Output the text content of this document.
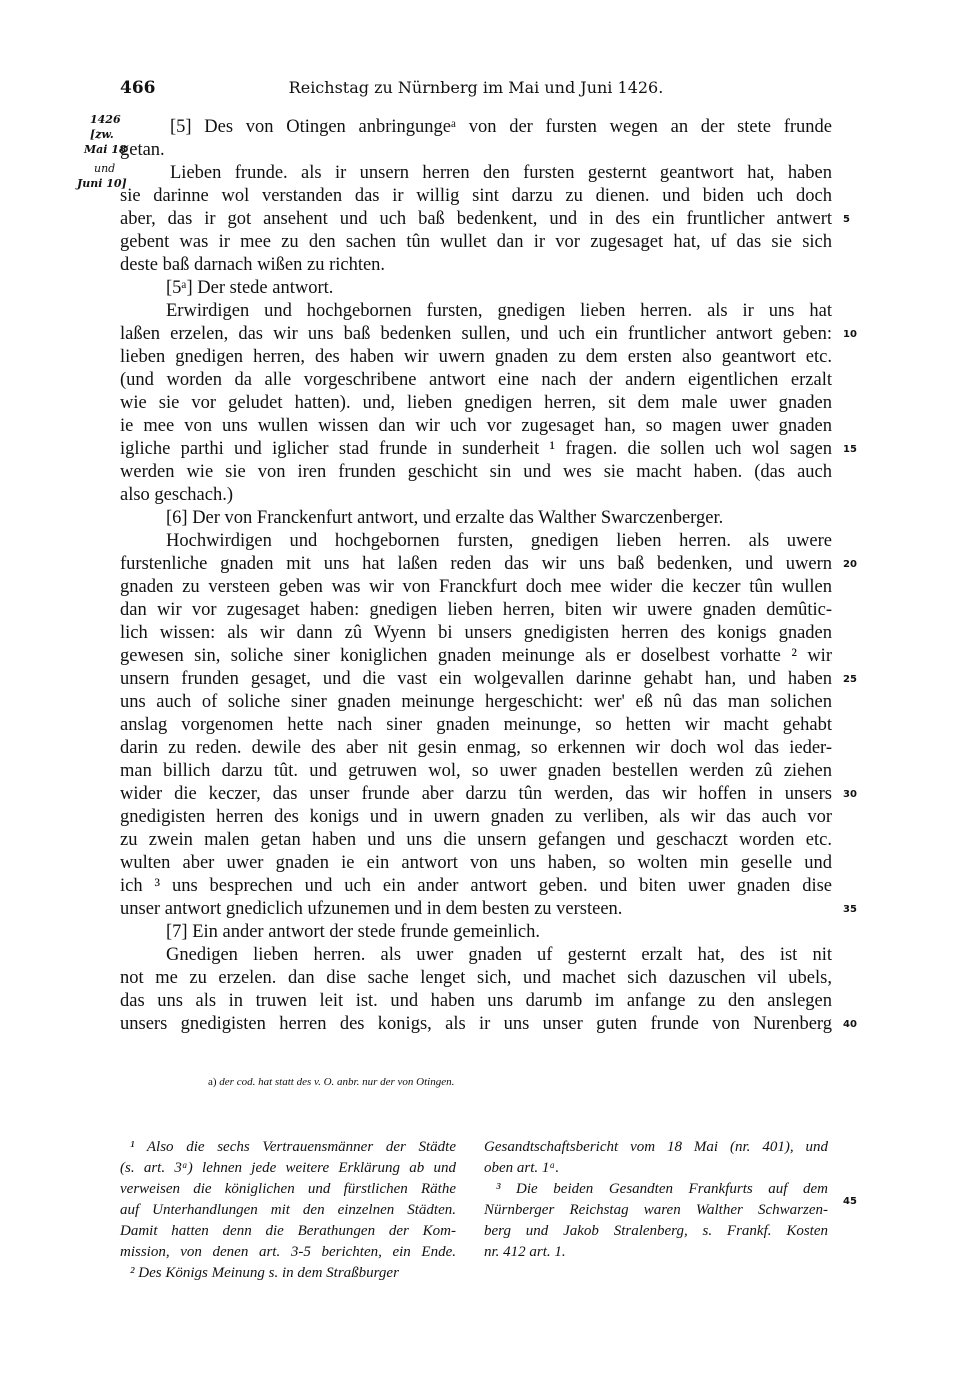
466	Reichstag zu Nürnberg im Mai und Juni 1426.
1426
[zw.
Mai 18
und
Juni 10]
[5] Des von Otingen anbringungeᵃ von der fursten wegen an der stete frunde
getan.
Lieben frunde. als ir unsern herren den fursten gesternt geantwort hat, haben
sie darinne wol verstanden das ir willig sint darzu zu dienen. und biden uch doch
aber, das ir got ansehent und uch baß bedenkent, und in des ein fruntlicher antwert
gebent was ir mee zu den sachen tûn wullet dan ir vor zugesaget hat, uf das sie sich
deste baß darnach wißen zu richten.
[5ᵃ] Der stede antwort.
Erwirdigen und hochgebornen fursten, gnedigen lieben herren. als ir uns hat
laßen erzelen, das wir uns baß bedenken sullen, und uch ein fruntlicher antwort geben:
lieben gnedigen herren, des haben wir uwern gnaden zu dem ersten also geantwort etc.
(und worden da alle vorgeschribene antwort eine nach der andern eigentlichen erzalt
wie sie vor geludet hatten). und, lieben gnedigen herren, sit dem male uwer gnaden
ie mee von uns wullen wissen dan wir uch vor zugesaget han, so magen uwer gnaden
igliche parthi und iglicher stad frunde in sunderheit ¹ fragen. die sollen uch wol sagen
werden wie sie von iren frunden geschicht sin und wes sie macht haben. (das auch
also geschach.)
[6] Der von Franckenfurt antwort, und erzalte das Walther Swarczenberger.
Hochwirdigen und hochgebornen fursten, gnedigen lieben herren. als uwere
furstenliche gnaden mit uns hat laßen reden das wir uns baß bedenken, und uwern
gnaden zu versteen geben was wir von Franckfurt doch mee wider die keczer tûn wullen
dan wir vor zugesaget haben: gnedigen lieben herren, biten wir uwere gnaden demûtic-
lich wissen: als wir dann zû Wyenn bi unsers gnedigisten herren des konigs gnaden
gewesen sin, soliche siner koniglichen gnaden meinunge als er doselbest vorhatte ² wir
unsern frunden gesaget, und die vast ein wolgevallen darinne gehabt han, und haben
uns auch of soliche siner gnaden meinunge hergeschicht: wer' eß nû das man solichen
anslag vorgenomen hette nach siner gnaden meinunge, so hetten wir macht gehabt
darin zu reden. dewile des aber nit gesin enmag, so erkennen wir doch wol das ieder-
man billich darzu tût. und getruwen wol, so uwer gnaden bestellen werden zû ziehen
wider die keczer, das unser frunde aber darzu tûn werden, das wir hoffen in unsers
gnedigisten herren des konigs und in uwern gnaden zu verliben, als wir das auch vor
zu zwein malen getan haben und uns die unsern gefangen und geschaczt worden etc.
wulten aber uwer gnaden ie ein antwort von uns haben, so wolten min geselle und
ich ³ uns besprechen und uch ein ander antwort geben. und biten uwer gnaden dise
unser antwort gnediclich ufzunemen und in dem besten zu versteen.
[7] Ein ander antwort der stede frunde gemeinlich.
Gnedigen lieben herren. als uwer gnaden uf gesternt erzalt hat, des ist nit
not me zu erzelen. dan dise sache lenget sich, und machet sich dazuschen vil ubels,
das uns als in truwen leit ist. und haben uns darumb im anfange zu den anslegen
unsers gnedigisten herren des konigs, als ir uns unser guten frunde von Nurenberg
5
10
15
20
25
30
35
40
45
a) der cod. hat statt des v. O. anbr. nur der von Otingen.
¹ Also die sechs Vertrauensmänner der Städte
(s. art. 3ᵃ) lehnen jede weitere Erklärung ab und
verweisen die königlichen und fürstlichen Räthe
auf Unterhandlungen mit den einzelnen Städten.
Damit hatten denn die Berathungen der Kom-
mission, von denen art. 3-5 berichten, ein Ende.
² Des Königs Meinung s. in dem Straßburger
Gesandtschaftsbericht vom 18 Mai (nr. 401), und
oben art. 1ᵃ.
³ Die beiden Gesandten Frankfurts auf dem
Nürnberger Reichstag waren Walther Schwarzen-
berg und Jakob Stralenberg, s. Frankf. Kosten
nr. 412 art. 1.
